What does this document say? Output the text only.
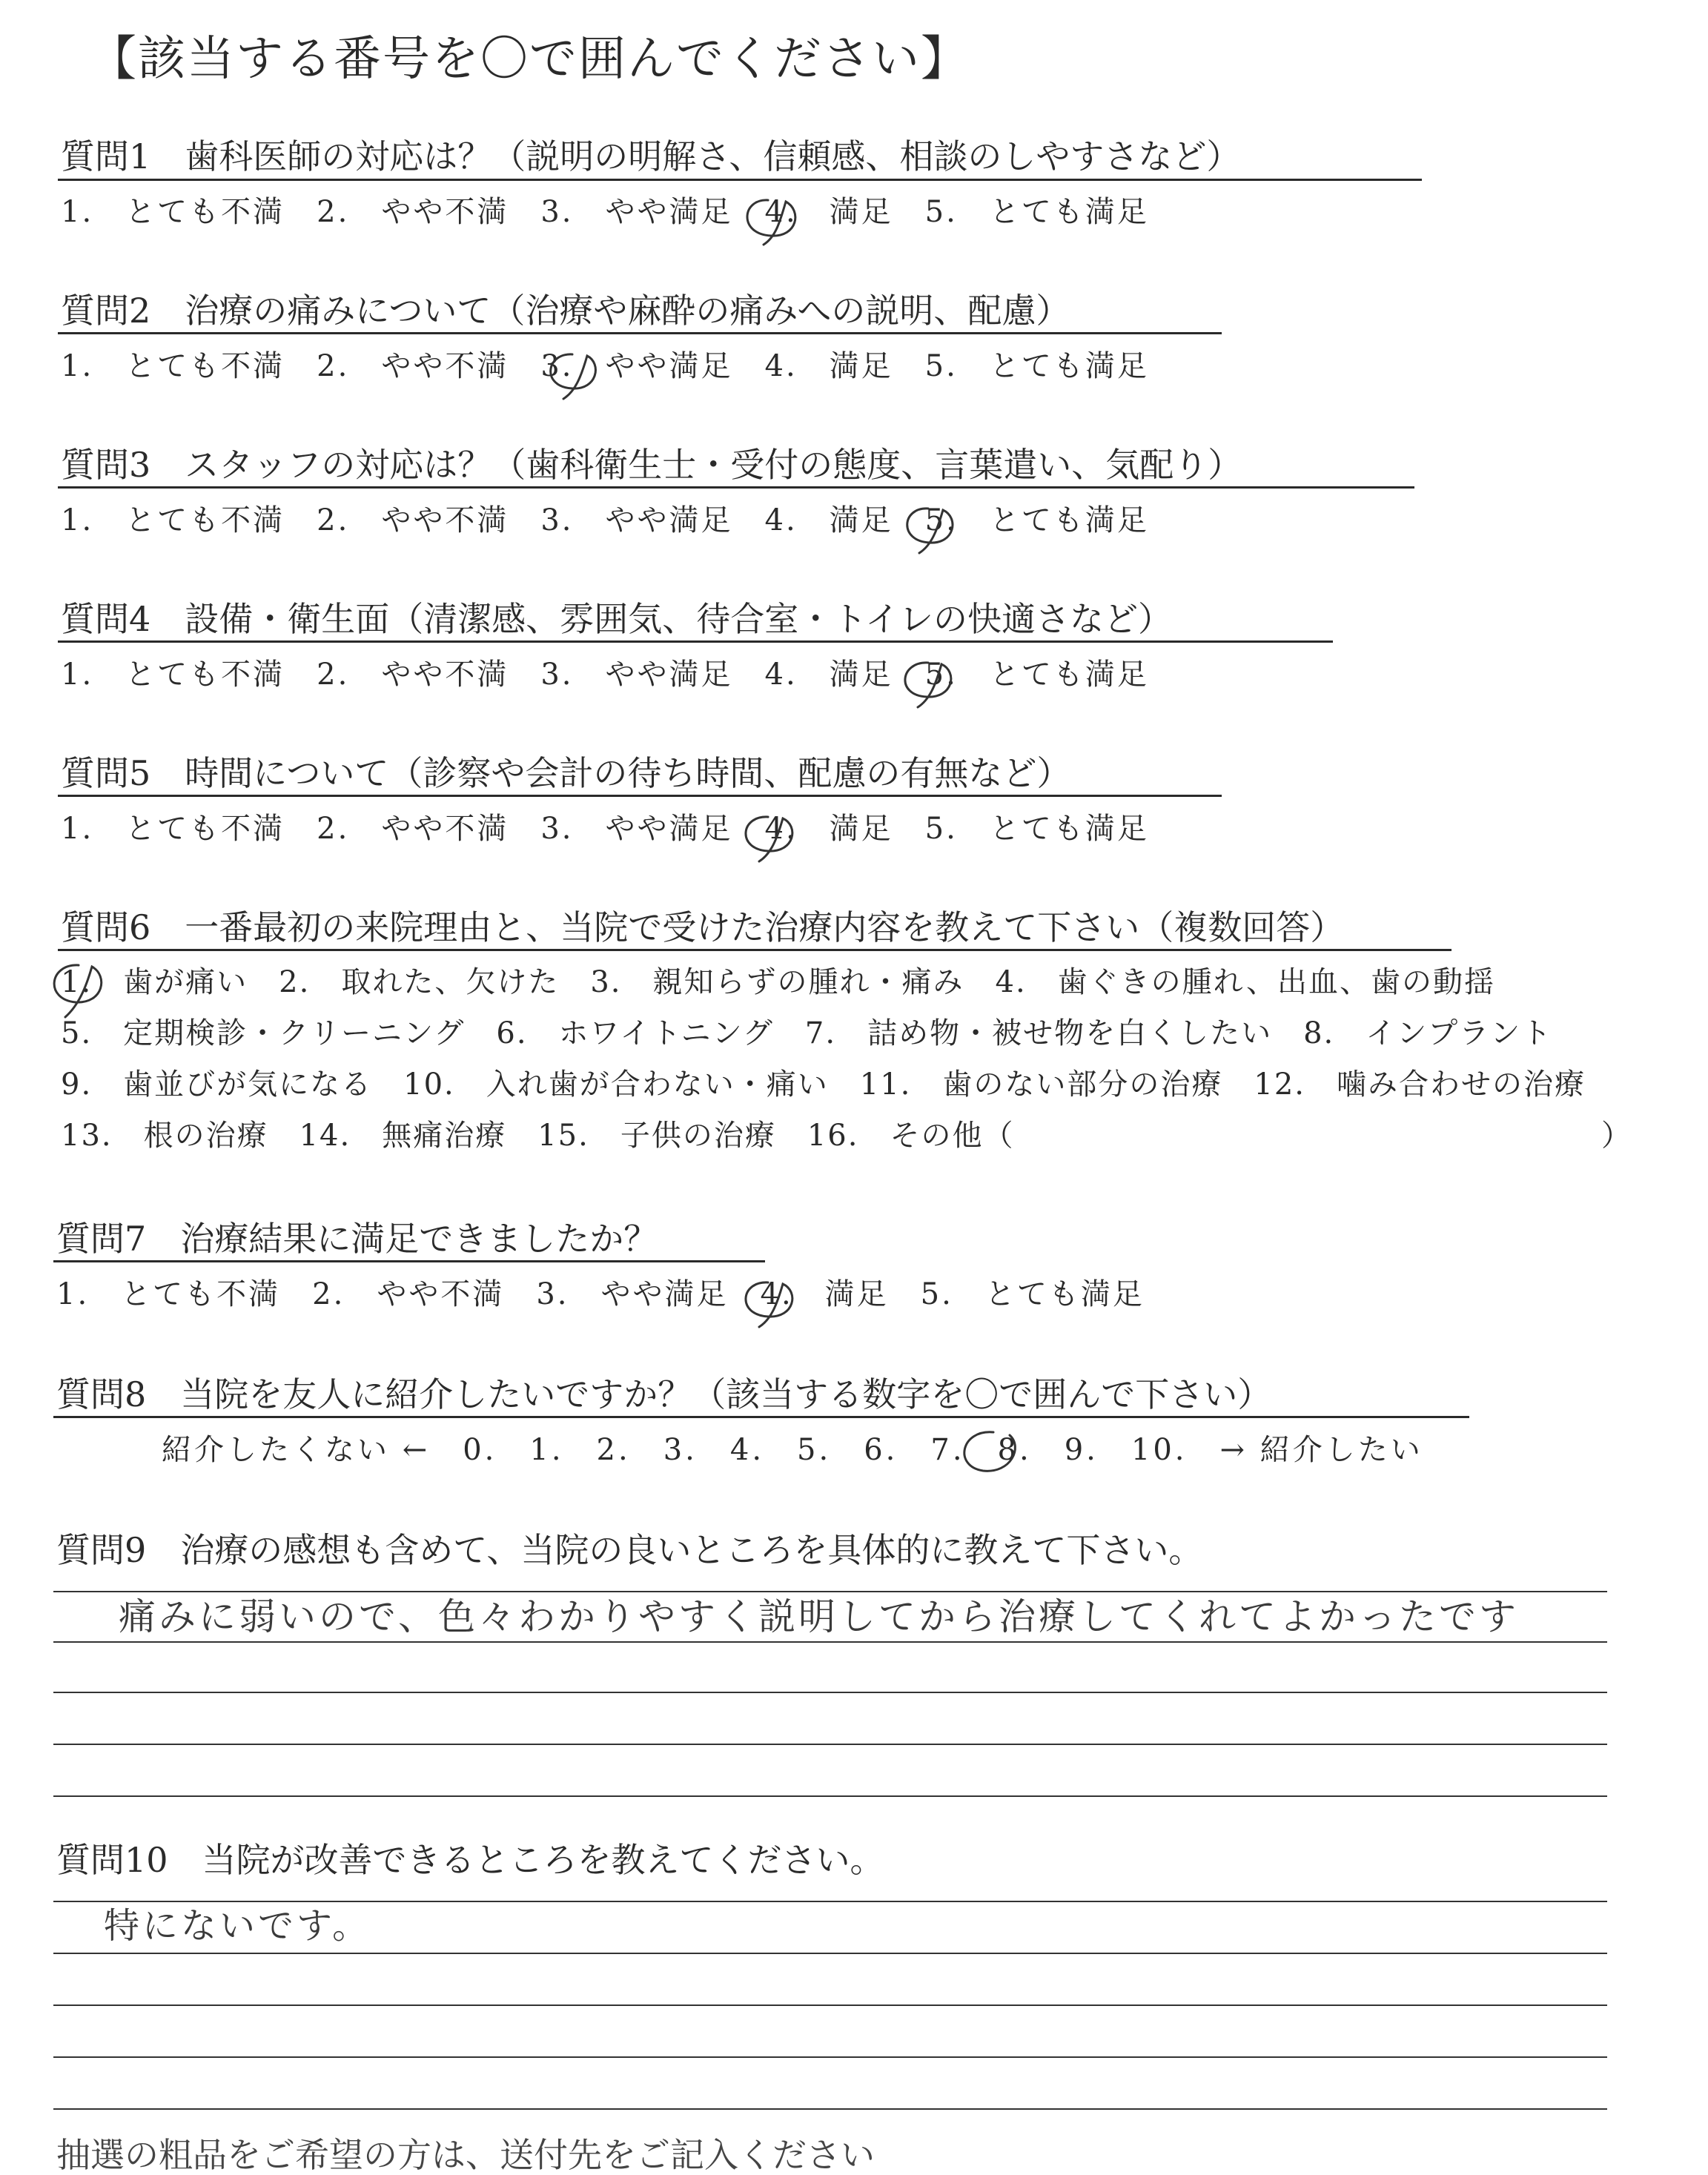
【該当する番号を〇で囲んでください】
質問1　歯科医師の対応は？（説明の明解さ、信頼感、相談のしやすさなど）
1.　とても不満　2.　やや不満　3.　やや満足　4.　満足　5.　とても満足
質問2　治療の痛みについて（治療や麻酔の痛みへの説明、配慮）
1.　とても不満　2.　やや不満　3.　やや満足　4.　満足　5.　とても満足
質問3　スタッフの対応は？（歯科衛生士・受付の態度、言葉遣い、気配り）
1.　とても不満　2.　やや不満　3.　やや満足　4.　満足　5.　とても満足
質問4　設備・衛生面（清潔感、雰囲気、待合室・トイレの快適さなど）
1.　とても不満　2.　やや不満　3.　やや満足　4.　満足　5.　とても満足
質問5　時間について（診察や会計の待ち時間、配慮の有無など）
1.　とても不満　2.　やや不満　3.　やや満足　4.　満足　5.　とても満足
質問6　一番最初の来院理由と、当院で受けた治療内容を教えて下さい（複数回答）
1.　歯が痛い　2.　取れた、欠けた　3.　親知らずの腫れ・痛み　4.　歯ぐきの腫れ、出血、歯の動揺
5.　定期検診・クリーニング　6.　ホワイトニング　7.　詰め物・被せ物を白くしたい　8.　インプラント
9.　歯並びが気になる　10.　入れ歯が合わない・痛い　11.　歯のない部分の治療　12.　噛み合わせの治療
13.　根の治療　14.　無痛治療　15.　子供の治療　16.　その他（	）
質問7　治療結果に満足できましたか？
1.　とても不満　2.　やや不満　3.　やや満足　4.　満足　5.　とても満足
質問8　当院を友人に紹介したいですか？（該当する数字を〇で囲んで下さい）
紹介したくない ←　0.　1.　2.　3.　4.　5.　6.　7.　8.　9.　10.　→ 紹介したい
質問9　治療の感想も含めて、当院の良いところを具体的に教えて下さい。
痛みに弱いので、色々わかりやすく説明してから治療してくれてよかったです
質問10　当院が改善できるところを教えてください。
特にないです。
抽選の粗品をご希望の方は、送付先をご記入ください
